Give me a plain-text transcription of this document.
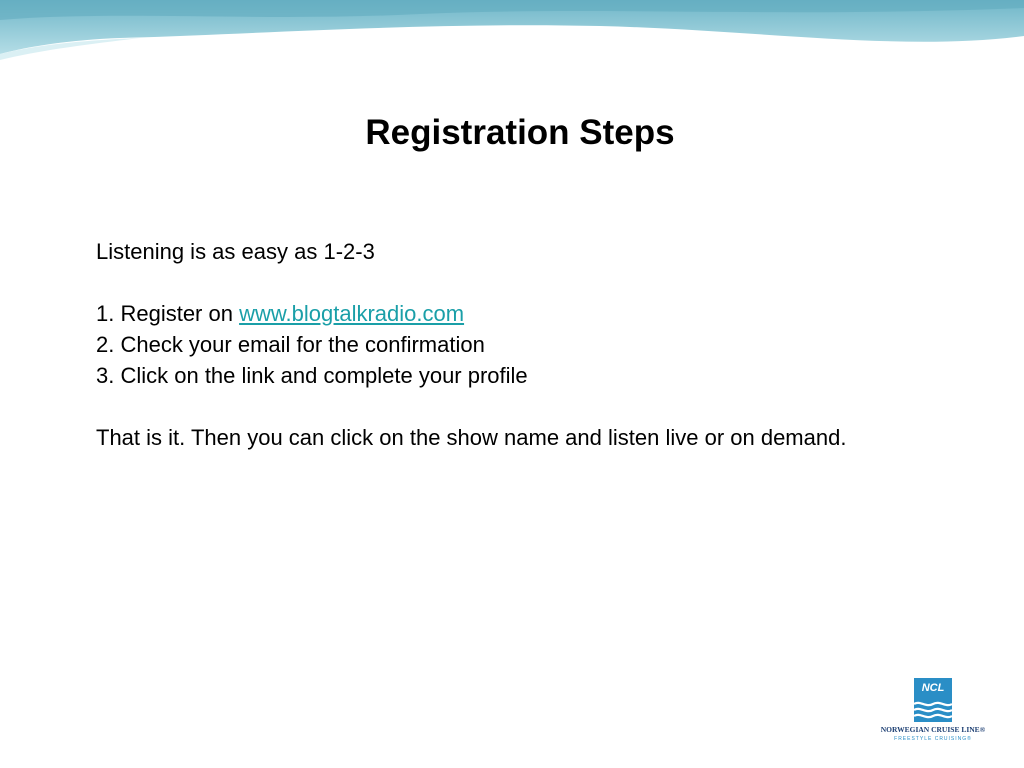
Registration Steps
Listening is as easy as 1-2-3
1. Register on www.blogtalkradio.com
2. Check your email for the confirmation
3. Click on the link and complete your profile
That is it. Then you can click on the show name and listen live or on demand.
NCL
NORWEGIAN CRUISE LINE®
FREESTYLE CRUISING®
